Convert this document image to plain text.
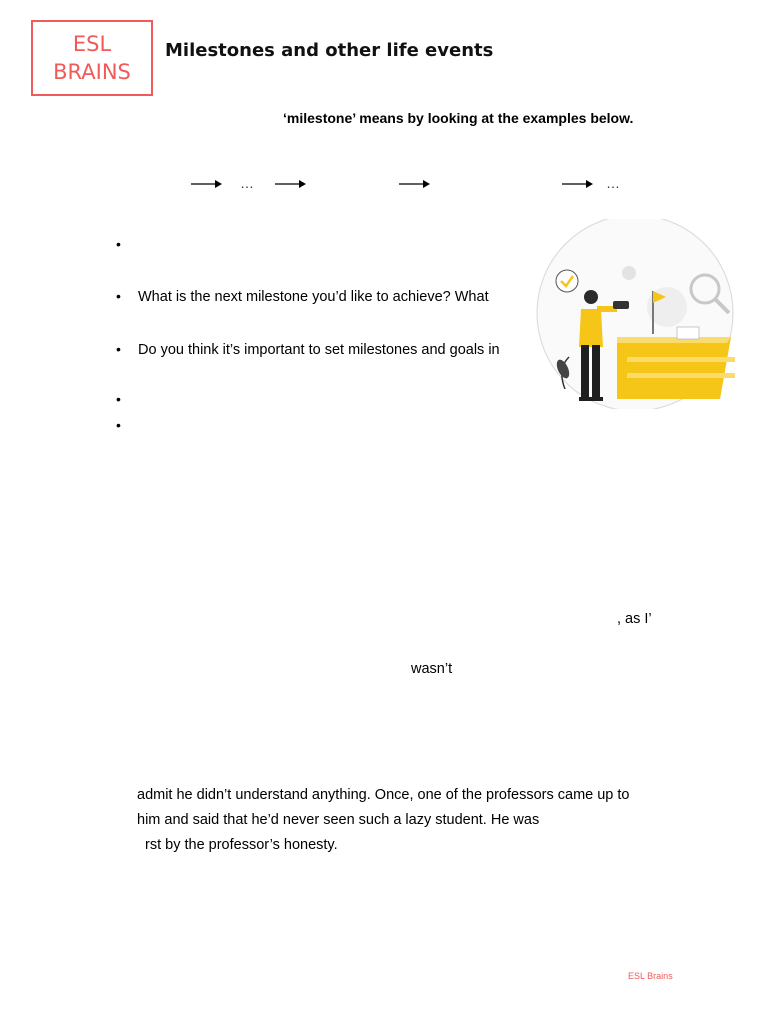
ESL
BRAINS
Milestones and other life events
‘milestone’ means by looking at the examples below.
…	…
•
• What is the next milestone you’d like to achieve? What
• Do you think it’s important to set milestones and goals in
•
•
, as I’
wasn’t
admit he didn’t understand anything. Once, one of the professors came up to
him and said that he’d never seen such a lazy student. He was
rst by the professor’s honesty.
ESL Brains
